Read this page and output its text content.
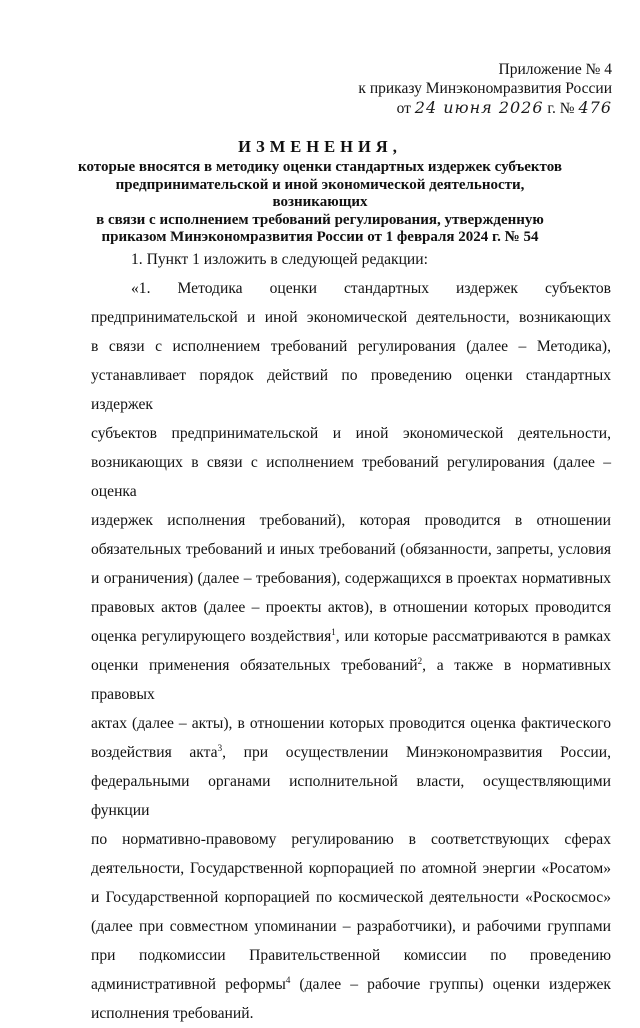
Приложение № 4
к приказу Минэкономразвития России
от 24 июня 2026 г. № 476
ИЗМЕНЕНИЯ,
которые вносятся в методику оценки стандартных издержек субъектов
предпринимательской и иной экономической деятельности, возникающих
в связи с исполнением требований регулирования, утвержденную
приказом Минэкономразвития России от 1 февраля 2024 г. № 54

1. Пункт 1 изложить в следующей редакции:

«1. Методика оценки стандартных издержек субъектов
предпринимательской и иной экономической деятельности, возникающих
в связи с исполнением требований регулирования (далее – Методика),
устанавливает порядок действий по проведению оценки стандартных издержек
субъектов предпринимательской и иной экономической деятельности,
возникающих в связи с исполнением требований регулирования (далее – оценка
издержек исполнения требований), которая проводится в отношении
обязательных требований и иных требований (обязанности, запреты, условия
и ограничения) (далее – требования), содержащихся в проектах нормативных
правовых актов (далее – проекты актов), в отношении которых проводится
оценка регулирующего воздействия$^1$, или которые рассматриваются в рамках
оценки применения обязательных требований$^2$, а также в нормативных правовых
актах (далее – акты), в отношении которых проводится оценка фактического
воздействия акта$^3$, при осуществлении Минэкономразвития России,
федеральными органами исполнительной власти, осуществляющими функции
по нормативно-правовому регулированию в соответствующих сферах
деятельности, Государственной корпорацией по атомной энергии «Росатом»
и Государственной корпорацией по космической деятельности «Роскосмос»
(далее при совместном упоминании – разработчики), и рабочими группами
при подкомиссии Правительственной комиссии по проведению
административной реформы$^4$ (далее – рабочие группы) оценки издержек
исполнения требований.
